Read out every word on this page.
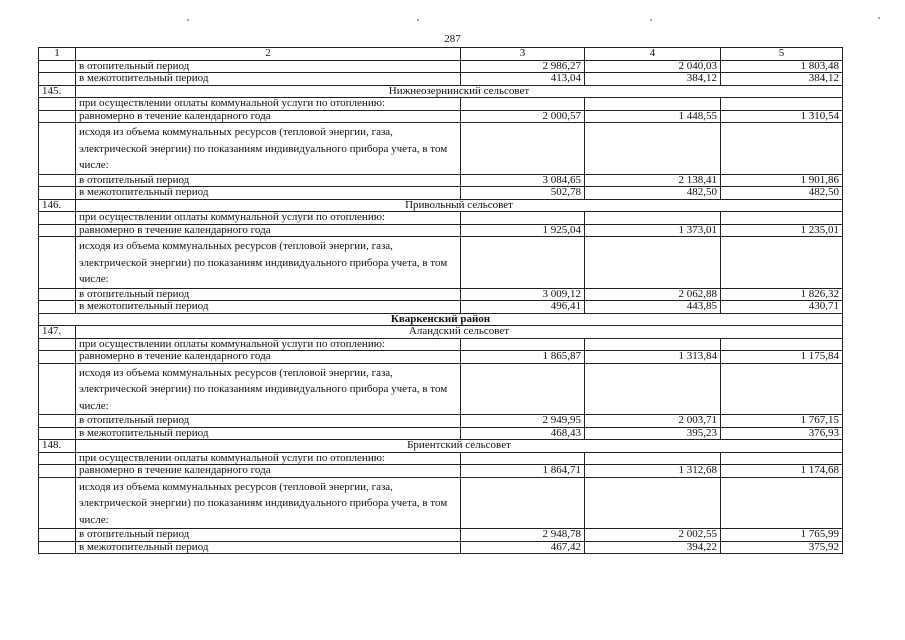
287
1	2	3	4	5
	в отопительный период	2 986,27	2 040,03	1 803,48
	в межотопительный период	413,04	384,12	384,12
145.	Нижнеозернинский сельсовет			
	при осуществлении оплаты коммунальной услуги по отоплению:			
	равномерно в течение календарного года	2 000,57	1 448,55	1 310,54
	исходя из объема коммунальных ресурсов (тепловой энергии, газа, электрической энергии) по показаниям индивидуального прибора учета, в том числе:			
	в отопительный период	3 084,65	2 138,41	1 901,86
	в межотопительный период	502,78	482,50	482,50
146.	Привольный сельсовет			
	при осуществлении оплаты коммунальной услуги по отоплению:			
	равномерно в течение календарного года	1 925,04	1 373,01	1 235,01
	исходя из объема коммунальных ресурсов (тепловой энергии, газа, электрической энергии) по показаниям индивидуального прибора учета, в том числе:			
	в отопительный период	3 009,12	2 062,88	1 826,32
	в межотопительный период	496,41	443,85	430,71
Кваркенский район				
147.	Аландский сельсовет			
	при осуществлении оплаты коммунальной услуги по отоплению:			
	равномерно в течение календарного года	1 865,87	1 313,84	1 175,84
	исходя из объема коммунальных ресурсов (тепловой энергии, газа, электрической энергии) по показаниям индивидуального прибора учета, в том числе:			
	в отопительный период	2 949,95	2 003,71	1 767,15
	в межотопительный период	468,43	395,23	376,93
148.	Бриентский сельсовет			
	при осуществлении оплаты коммунальной услуги по отоплению:			
	равномерно в течение календарного года	1 864,71	1 312,68	1 174,68
	исходя из объема коммунальных ресурсов (тепловой энергии, газа, электрической энергии) по показаниям индивидуального прибора учета, в том числе:			
	в отопительный период	2 948,78	2 002,55	1 765,99
	в межотопительный период	467,42	394,22	375,92
